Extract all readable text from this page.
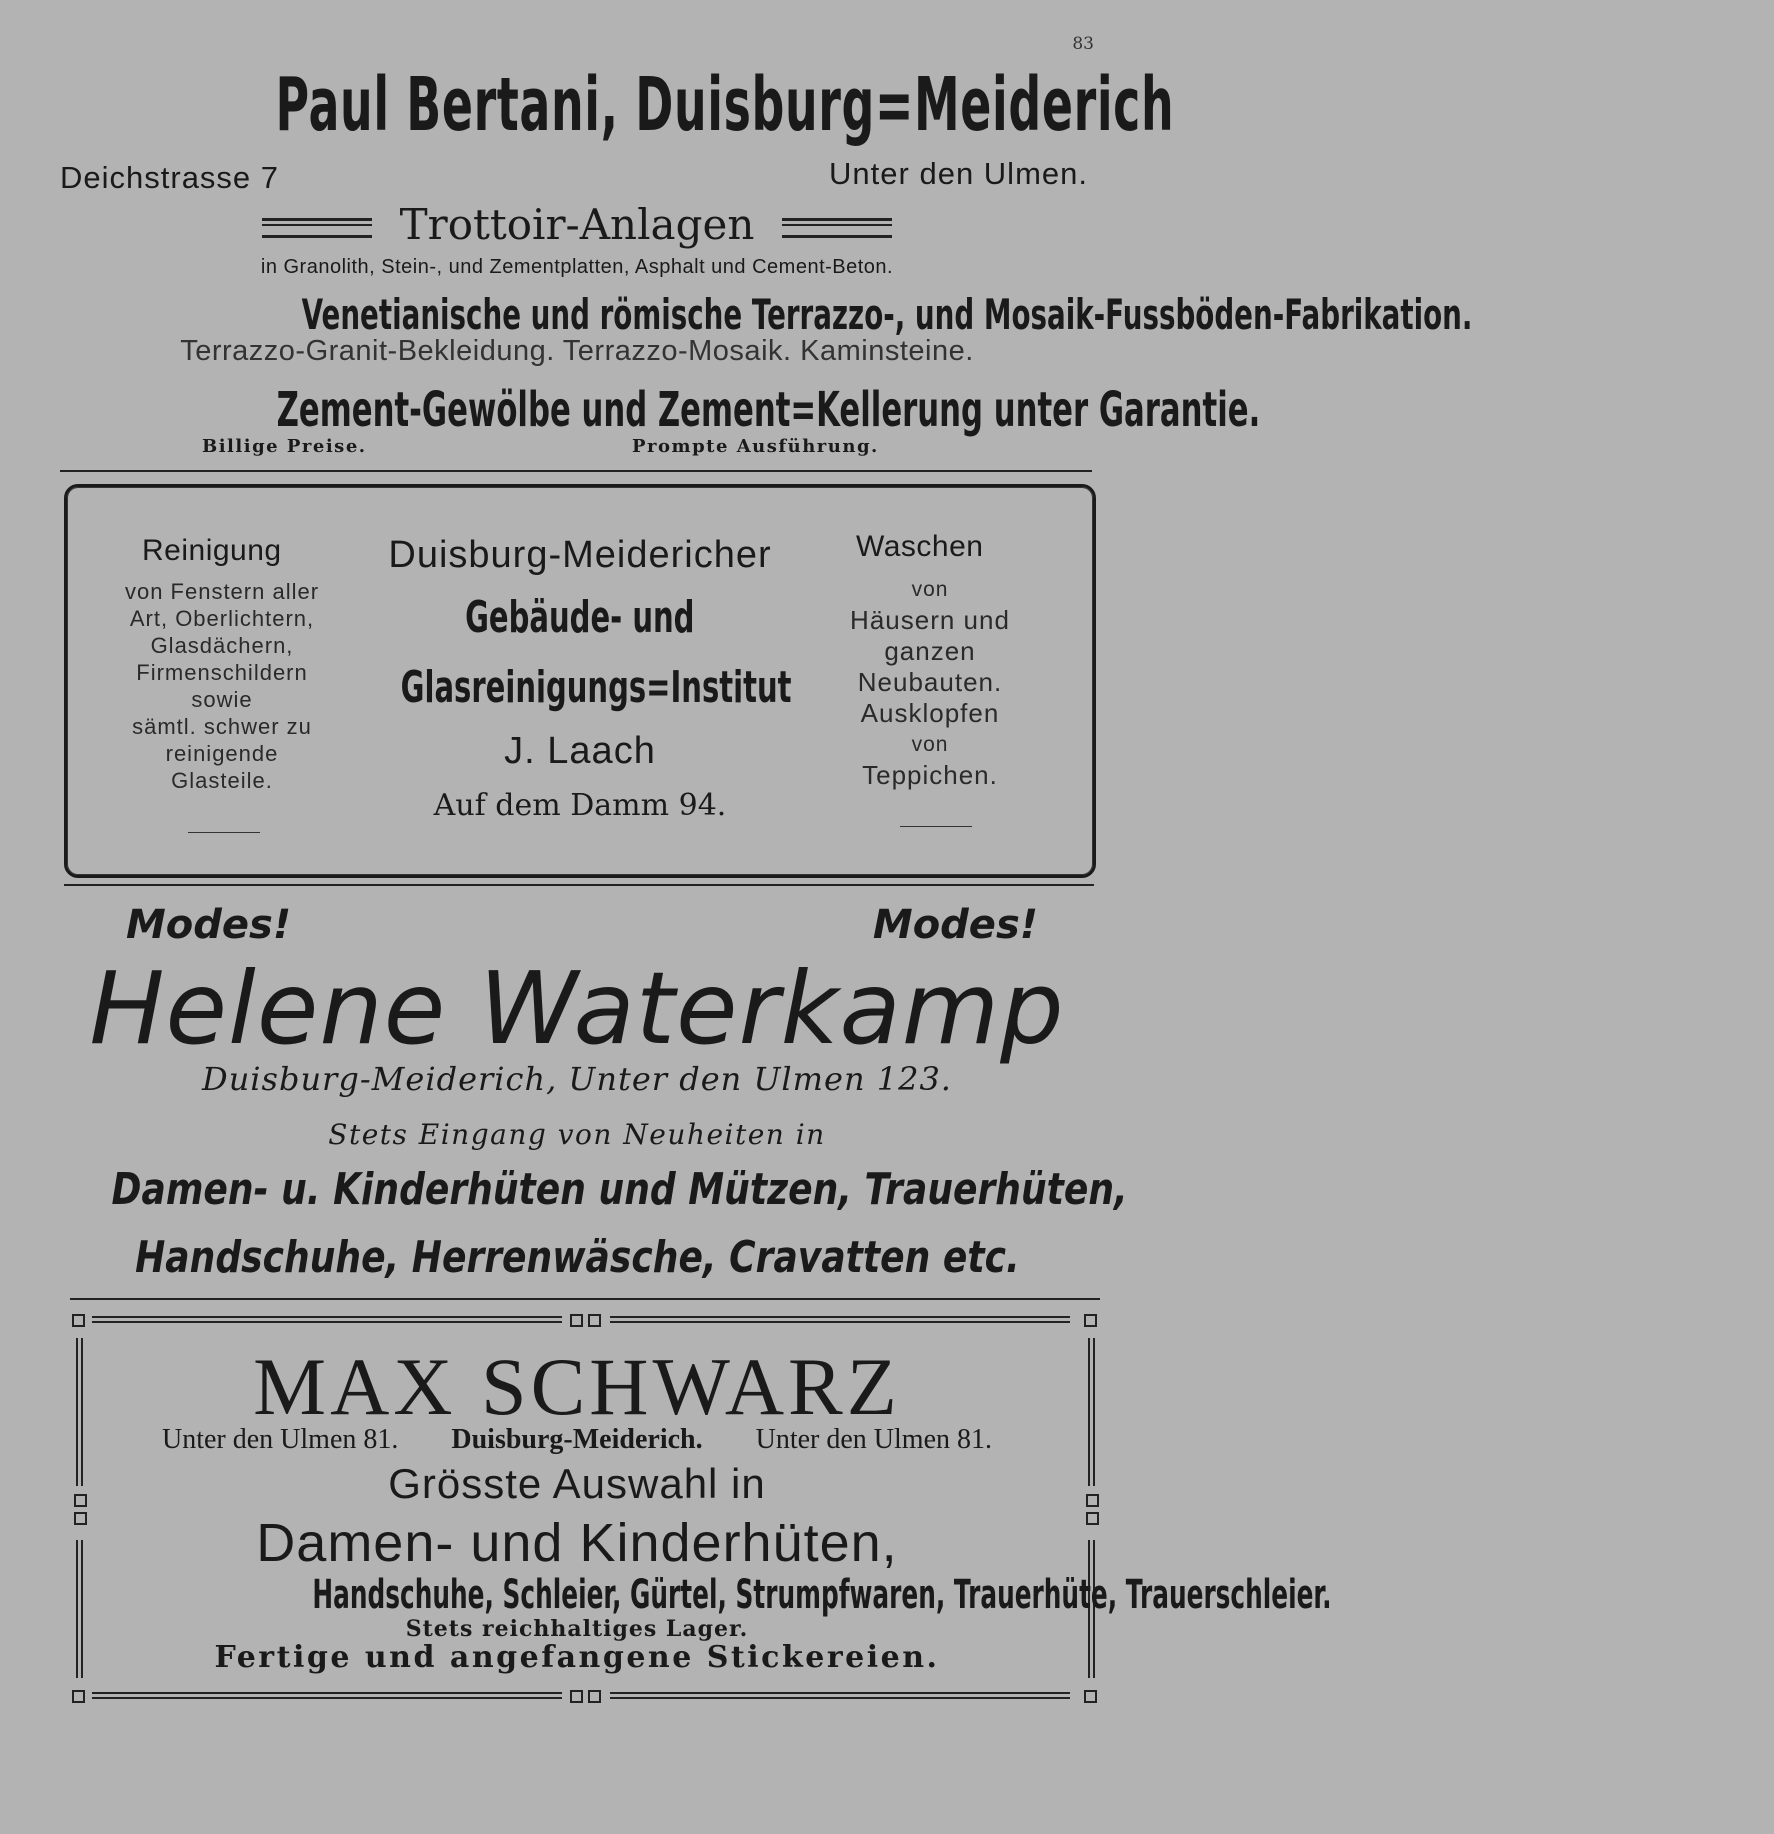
83
Paul Bertani, Duisburg=Meiderich
Deichstrasse 7	Unter den Ulmen.
Trottoir-Anlagen
in Granolith, Stein-, und Zementplatten, Asphalt und Cement-Beton.
Venetianische und römische Terrazzo-, und Mosaik-Fussböden-Fabrikation.
Terrazzo-Granit-Bekleidung. Terrazzo-Mosaik. Kaminsteine.
Zement-Gewölbe und Zement=Kellerung unter Garantie.
Billige Preise.	Prompte Ausführung.
Reinigung
von Fenstern aller
Art, Oberlichtern,
Glasdächern,
Firmenschildern
sowie
sämtl. schwer zu
reinigende
Glasteile.
Duisburg-Meidericher
Gebäude- und
Glasreinigungs=Institut
J. Laach
Auf dem Damm 94.
Waschen
von
Häusern und
ganzen
Neubauten.
Ausklopfen
von
Teppichen.
Modes!	Modes!
Helene Waterkamp
Duisburg-Meiderich, Unter den Ulmen 123.
Stets Eingang von Neuheiten in
Damen- u. Kinderhüten und Mützen, Trauerhüten,
Handschuhe, Herrenwäsche, Cravatten etc.
MAX SCHWARZ
Unter den Ulmen 81. Duisburg-Meiderich. Unter den Ulmen 81.
Grösste Auswahl in
Damen- und Kinderhüten,
Handschuhe, Schleier, Gürtel, Strumpfwaren, Trauerhüte, Trauerschleier.
Stets reichhaltiges Lager.
Fertige und angefangene Stickereien.
